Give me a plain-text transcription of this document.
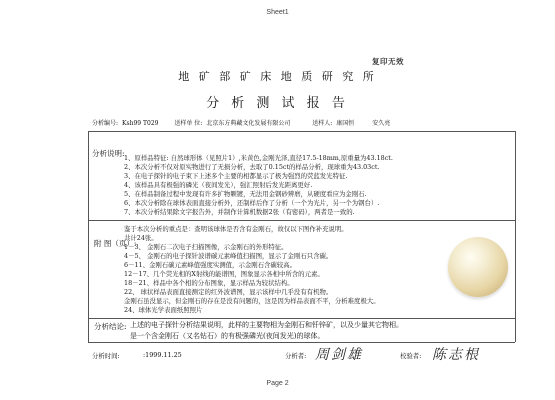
Sheet1
复印无效
地 矿 部 矿 床 地 质 研 究 所
分 析 测 试 报 告
分析编号: Ksh99 T029	送样单 位: 北京东方典藏文化发展有限公司	送样人: 康国恒	安久亮
分析说明: 1、原样品特征: 自然球形体（见照片1）,米黄色,金刚光泽,直径17.5-18mm,原重量为43.18ct.
2、本次分析不仅对原实物进行了无损分析，去取了0.15ct的样品分析，现球重为43.03ct.
3、在电子探针的电子束下上述多个主要的相都显示了极为强烈的荧蓝发光特征.
4、该样品具有极强的磷光（夜间发光），强汇照射后发光距离更好.
5、在样品制备过程中发现有许多扩物颗镀，无法用金钢砂辨磨，从硬度看应为金刚石.
6、本次分析除在球体表面直接分析外，还制样后作了分析（一个为光片，另一个为钢台）.
7、本次分析结果除文字报告外，并制作计算机数据2张（有密码），两者是一致的.
鉴于本次分析的重点是：查明该球体是否含有金刚石，故仅以下图作补充说明。
共计24张。
附 图（页）:
1－3、 金刚石二次电子扫描图像，示金刚石的外形特征。
4－5、 金刚石的电子探针波谱碳元素峰值扫描图，显示了金刚石只含碳。
6－11、金刚石碳元素峰值强度实测值，示金刚石含碳较高。
12－17、几个荧光相的X射线的能谱图，图象显示各相中所含的元素。
18－21、样品中各个相的分布图象，显示样品为较状结构。
22、 球状样品表面直接测定的红外波谱图，显示该样中几乎没有有机物。
金刚石虽没显示，但金刚石的存在是没有问题的，这是因为样品表面不平，分析难度极大。
24、球体光学表面纸照照片
分析结论: 上述的电子探针分析结果说明，此样的主要物相为金刚石和钎锌矿，以及少量其它物相。
是一个含金刚石（又名钻石）的有极强磷光(夜间发光)的球体。
分析时间:	:1999.11.25	分析者: 周剑雄	校验者: 陈志根
Page 2
